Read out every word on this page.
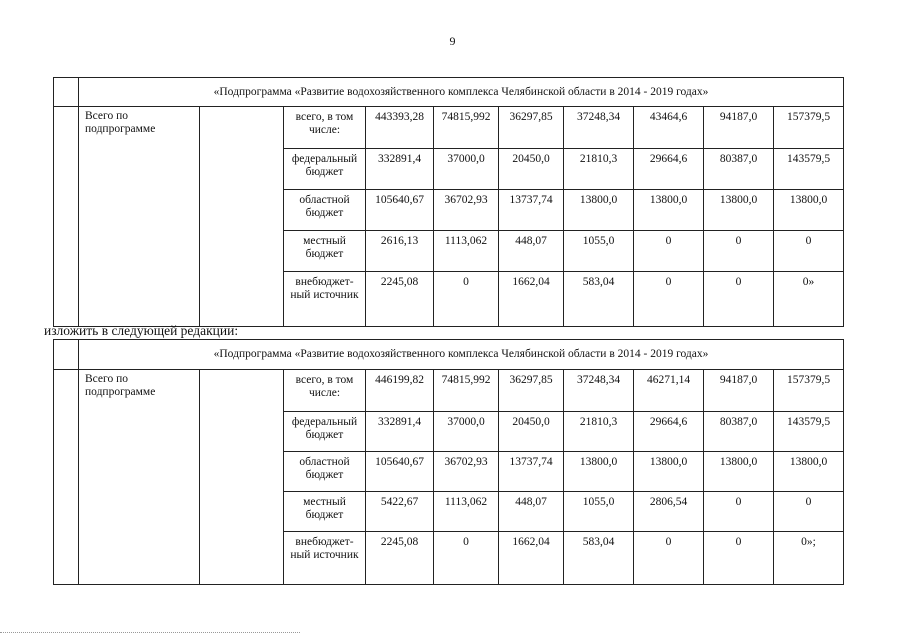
9
	«Подпрограмма «Развитие водохозяйственного комплекса Челябинской области в 2014 - 2019 годах»									
	Всего по подпрограмме		всего, в том числе:	443393,28	74815,992	36297,85	37248,34	43464,6	94187,0	157379,5
			федеральный бюджет	332891,4	37000,0	20450,0	21810,3	29664,6	80387,0	143579,5
			областной бюджет	105640,67	36702,93	13737,74	13800,0	13800,0	13800,0	13800,0
			местный бюджет	2616,13	1113,062	448,07	1055,0	0	0	0
			внебюджет-ный источник	2245,08	0	1662,04	583,04	0	0	0»
изложить в следующей редакции:
	«Подпрограмма «Развитие водохозяйственного комплекса Челябинской области в 2014 - 2019 годах»									
	Всего по подпрограмме		всего, в том числе:	446199,82	74815,992	36297,85	37248,34	46271,14	94187,0	157379,5
			федеральный бюджет	332891,4	37000,0	20450,0	21810,3	29664,6	80387,0	143579,5
			областной бюджет	105640,67	36702,93	13737,74	13800,0	13800,0	13800,0	13800,0
			местный бюджет	5422,67	1113,062	448,07	1055,0	2806,54	0	0
			внебюджет-ный источник	2245,08	0	1662,04	583,04	0	0	0»;
